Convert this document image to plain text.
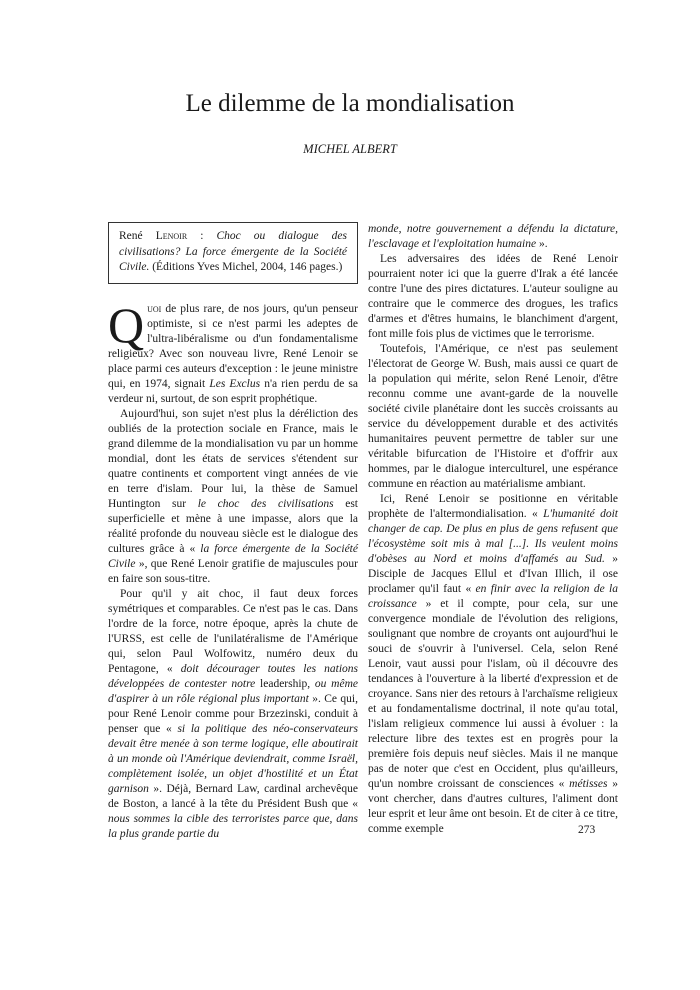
Le dilemme de la mondialisation
MICHEL ALBERT
René Lenoir : Choc ou dialogue des civilisations? La force émergente de la Société Civile. (Éditions Yves Michel, 2004, 146 pages.)

Quoi de plus rare, de nos jours, qu'un penseur optimiste, si ce n'est parmi les adeptes de l'ultra-libéralisme ou d'un fondamentalisme religieux? Avec son nouveau livre, René Lenoir se place parmi ces auteurs d'exception : le jeune ministre qui, en 1974, signait Les Exclus n'a rien perdu de sa verdeur ni, surtout, de son esprit prophétique.

Aujourd'hui, son sujet n'est plus la déréliction des oubliés de la protection sociale en France, mais le grand dilemme de la mondialisation vu par un homme mondial, dont les états de services s'étendent sur quatre continents et comportent vingt années de vie en terre d'islam. Pour lui, la thèse de Samuel Huntington sur le choc des civilisations est superficielle et mène à une impasse, alors que la réalité profonde du nouveau siècle est le dialogue des cultures grâce à « la force émergente de la Société Civile », que René Lenoir gratifie de majuscules pour en faire son sous-titre.

Pour qu'il y ait choc, il faut deux forces symétriques et comparables. Ce n'est pas le cas. Dans l'ordre de la force, notre époque, après la chute de l'URSS, est celle de l'unilatéralisme de l'Amérique qui, selon Paul Wolfowitz, numéro deux du Pentagone, « doit décourager toutes les nations développées de contester notre leadership, ou même d'aspirer à un rôle régional plus important ». Ce qui, pour René Lenoir comme pour Brzezinski, conduit à penser que « si la politique des néo-conservateurs devait être menée à son terme logique, elle aboutirait à un monde où l'Amérique deviendrait, comme Israël, complètement isolée, un objet d'hostilité et un État garnison ». Déjà, Bernard Law, cardinal archevêque de Boston, a lancé à la tête du Président Bush que « nous sommes la cible des terroristes parce que, dans la plus grande partie du

monde, notre gouvernement a défendu la dictature, l'esclavage et l'exploitation humaine ».

Les adversaires des idées de René Lenoir pourraient noter ici que la guerre d'Irak a été lancée contre l'une des pires dictatures. L'auteur souligne au contraire que le commerce des drogues, les trafics d'armes et d'êtres humains, le blanchiment d'argent, font mille fois plus de victimes que le terrorisme.

Toutefois, l'Amérique, ce n'est pas seulement l'électorat de George W. Bush, mais aussi ce quart de la population qui mérite, selon René Lenoir, d'être reconnu comme une avant-garde de la nouvelle société civile planétaire dont les succès croissants au service du développement durable et des activités humanitaires peuvent permettre de tabler sur une véritable bifurcation de l'Histoire et d'offrir aux hommes, par le dialogue interculturel, une espérance commune en réaction au matérialisme ambiant.

Ici, René Lenoir se positionne en véritable prophète de l'altermondialisation. « L'humanité doit changer de cap. De plus en plus de gens refusent que l'écosystème soit mis à mal [...]. Ils veulent moins d'obèses au Nord et moins d'affamés au Sud. » Disciple de Jacques Ellul et d'Ivan Illich, il ose proclamer qu'il faut « en finir avec la religion de la croissance » et il compte, pour cela, sur une convergence mondiale de l'évolution des religions, soulignant que nombre de croyants ont aujourd'hui le souci de s'ouvrir à l'universel. Cela, selon René Lenoir, vaut aussi pour l'islam, où il découvre des tendances à l'ouverture à la liberté d'expression et de croyance. Sans nier des retours à l'archaïsme religieux et au fondamentalisme doctrinal, il note qu'au total, l'islam religieux commence lui aussi à évoluer : la relecture libre des textes est en progrès pour la première fois depuis neuf siècles. Mais il ne manque pas de noter que c'est en Occident, plus qu'ailleurs, qu'un nombre croissant de consciences « métisses » vont chercher, dans d'autres cultures, l'aliment dont leur esprit et leur âme ont besoin. Et de citer à ce titre, comme exemple	273
